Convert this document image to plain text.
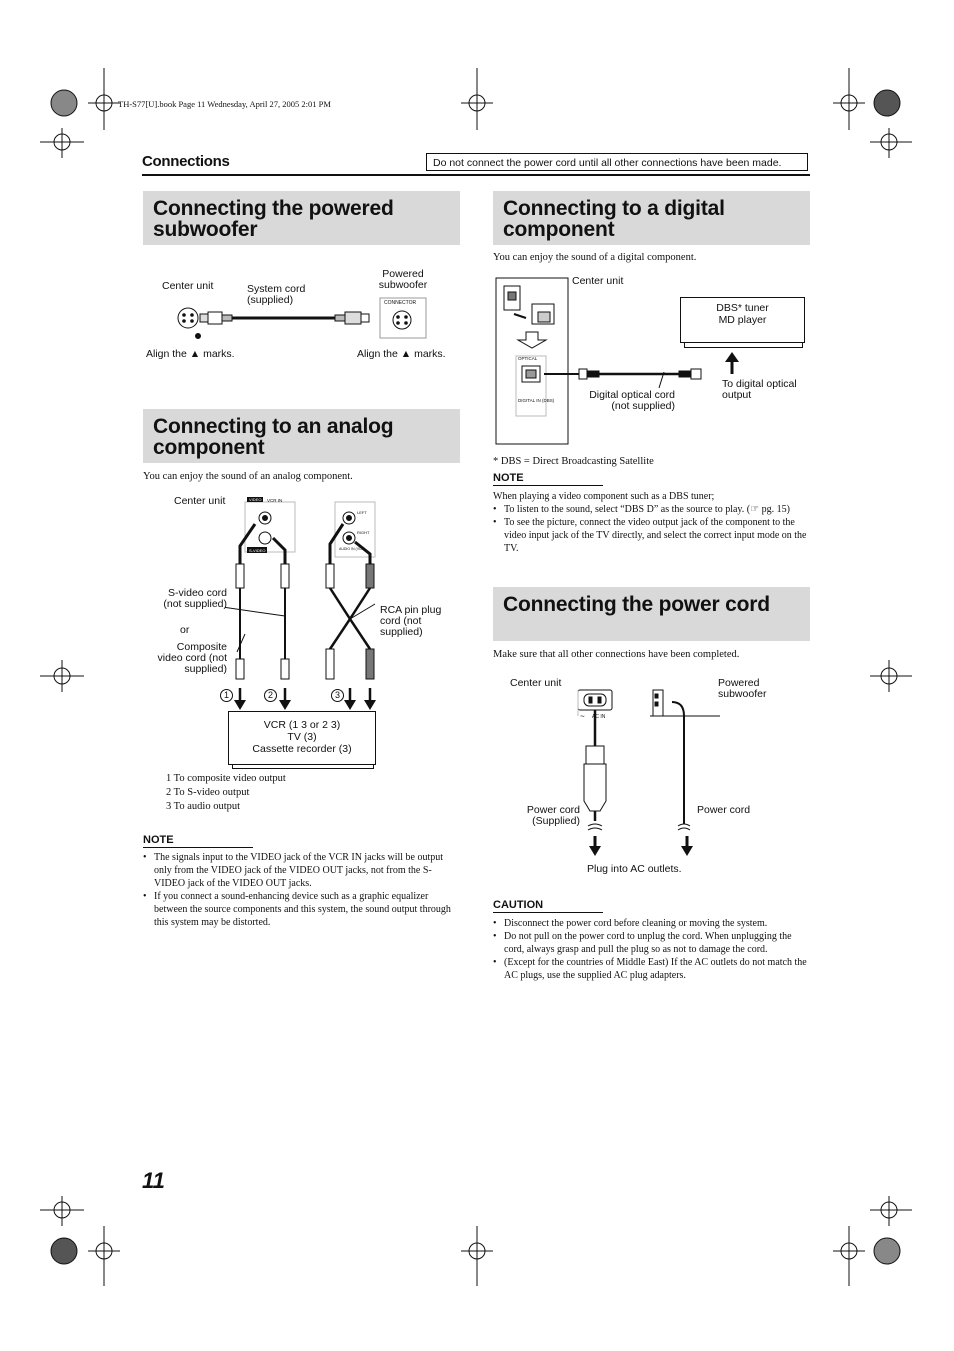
TH-S77[U].book Page 11 Wednesday, April 27, 2005 2:01 PM
Connections	Do not connect the power cord until all other connections have been made.
Connecting the powered subwoofer
Center unit	System cord (supplied)
Powered subwoofer
Align the ▲ marks.	Align the ▲ marks.
CONNECTOR
Connecting to an analog component
You can enjoy the sound of an analog component.
Center unit
S-video cord (not supplied)
or
Composite video cord (not supplied)
RCA pin plug cord (not supplied)
VIDEO VCR IN
S-VIDEO
LEFT
RIGHT
AUDIO IN (VCR)
1	2	3
VCR (1 3 or 2 3)
TV (3)
Cassette recorder (3)
1 To composite video output
2 To S-video output
3 To audio output
NOTE
• The signals input to the VIDEO jack of the VCR IN jacks will be output only from the VIDEO jack of the VIDEO OUT jacks, not from the S-VIDEO jack of the VIDEO OUT jacks.
• If you connect a sound-enhancing device such as a graphic equalizer between the source components and this system, the sound output through this system may be distorted.
Connecting to a digital component
You can enjoy the sound of a digital component.
Center unit
DBS* tuner
MD player
OPTICAL
DIGITAL IN (DBS)	Digital optical cord (not supplied)
To digital optical output
* DBS = Direct Broadcasting Satellite
NOTE
When playing a video component such as a DBS tuner;
• To listen to the sound, select “DBS D” as the source to play. (☞ pg. 15)
• To see the picture, connect the video output jack of the component to the video input jack of the TV directly, and select the correct input mode on the TV.
Connecting the power cord
Make sure that all other connections have been completed.
Center unit	Powered subwoofer
~ AC IN
Power cord (Supplied)
Power cord
Plug into AC outlets.
CAUTION
• Disconnect the power cord before cleaning or moving the system.
• Do not pull on the power cord to unplug the cord. When unplugging the cord, always grasp and pull the plug so as not to damage the cord.
• (Except for the countries of Middle East) If the AC outlets do not match the AC plugs, use the supplied AC plug adapters.
11
